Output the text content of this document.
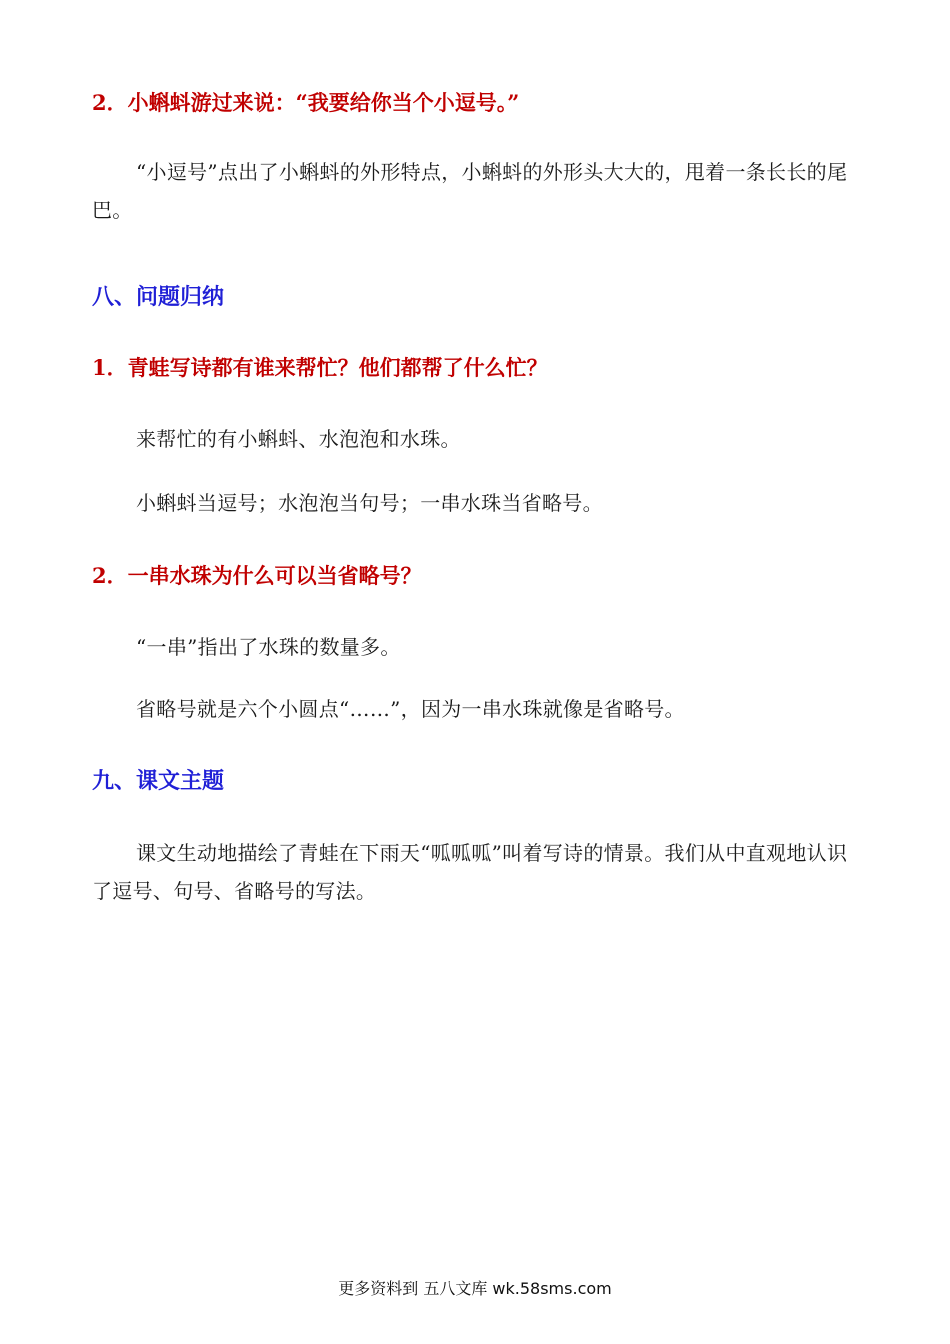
2．小蝌蚪游过来说：“我要给你当个小逗号。”

“小逗号”点出了小蝌蚪的外形特点，小蝌蚪的外形头大大的，甩着一条长长的尾巴。

八、问题归纳

1．青蛙写诗都有谁来帮忙？他们都帮了什么忙？

来帮忙的有小蝌蚪、水泡泡和水珠。

小蝌蚪当逗号；水泡泡当句号；一串水珠当省略号。

2．一串水珠为什么可以当省略号？

“一串”指出了水珠的数量多。

省略号就是六个小圆点“……”，因为一串水珠就像是省略号。

九、课文主题

课文生动地描绘了青蛙在下雨天“呱呱呱”叫着写诗的情景。我们从中直观地认识了逗号、句号、省略号的写法。

更多资料到 五八文库 wk.58sms.com
